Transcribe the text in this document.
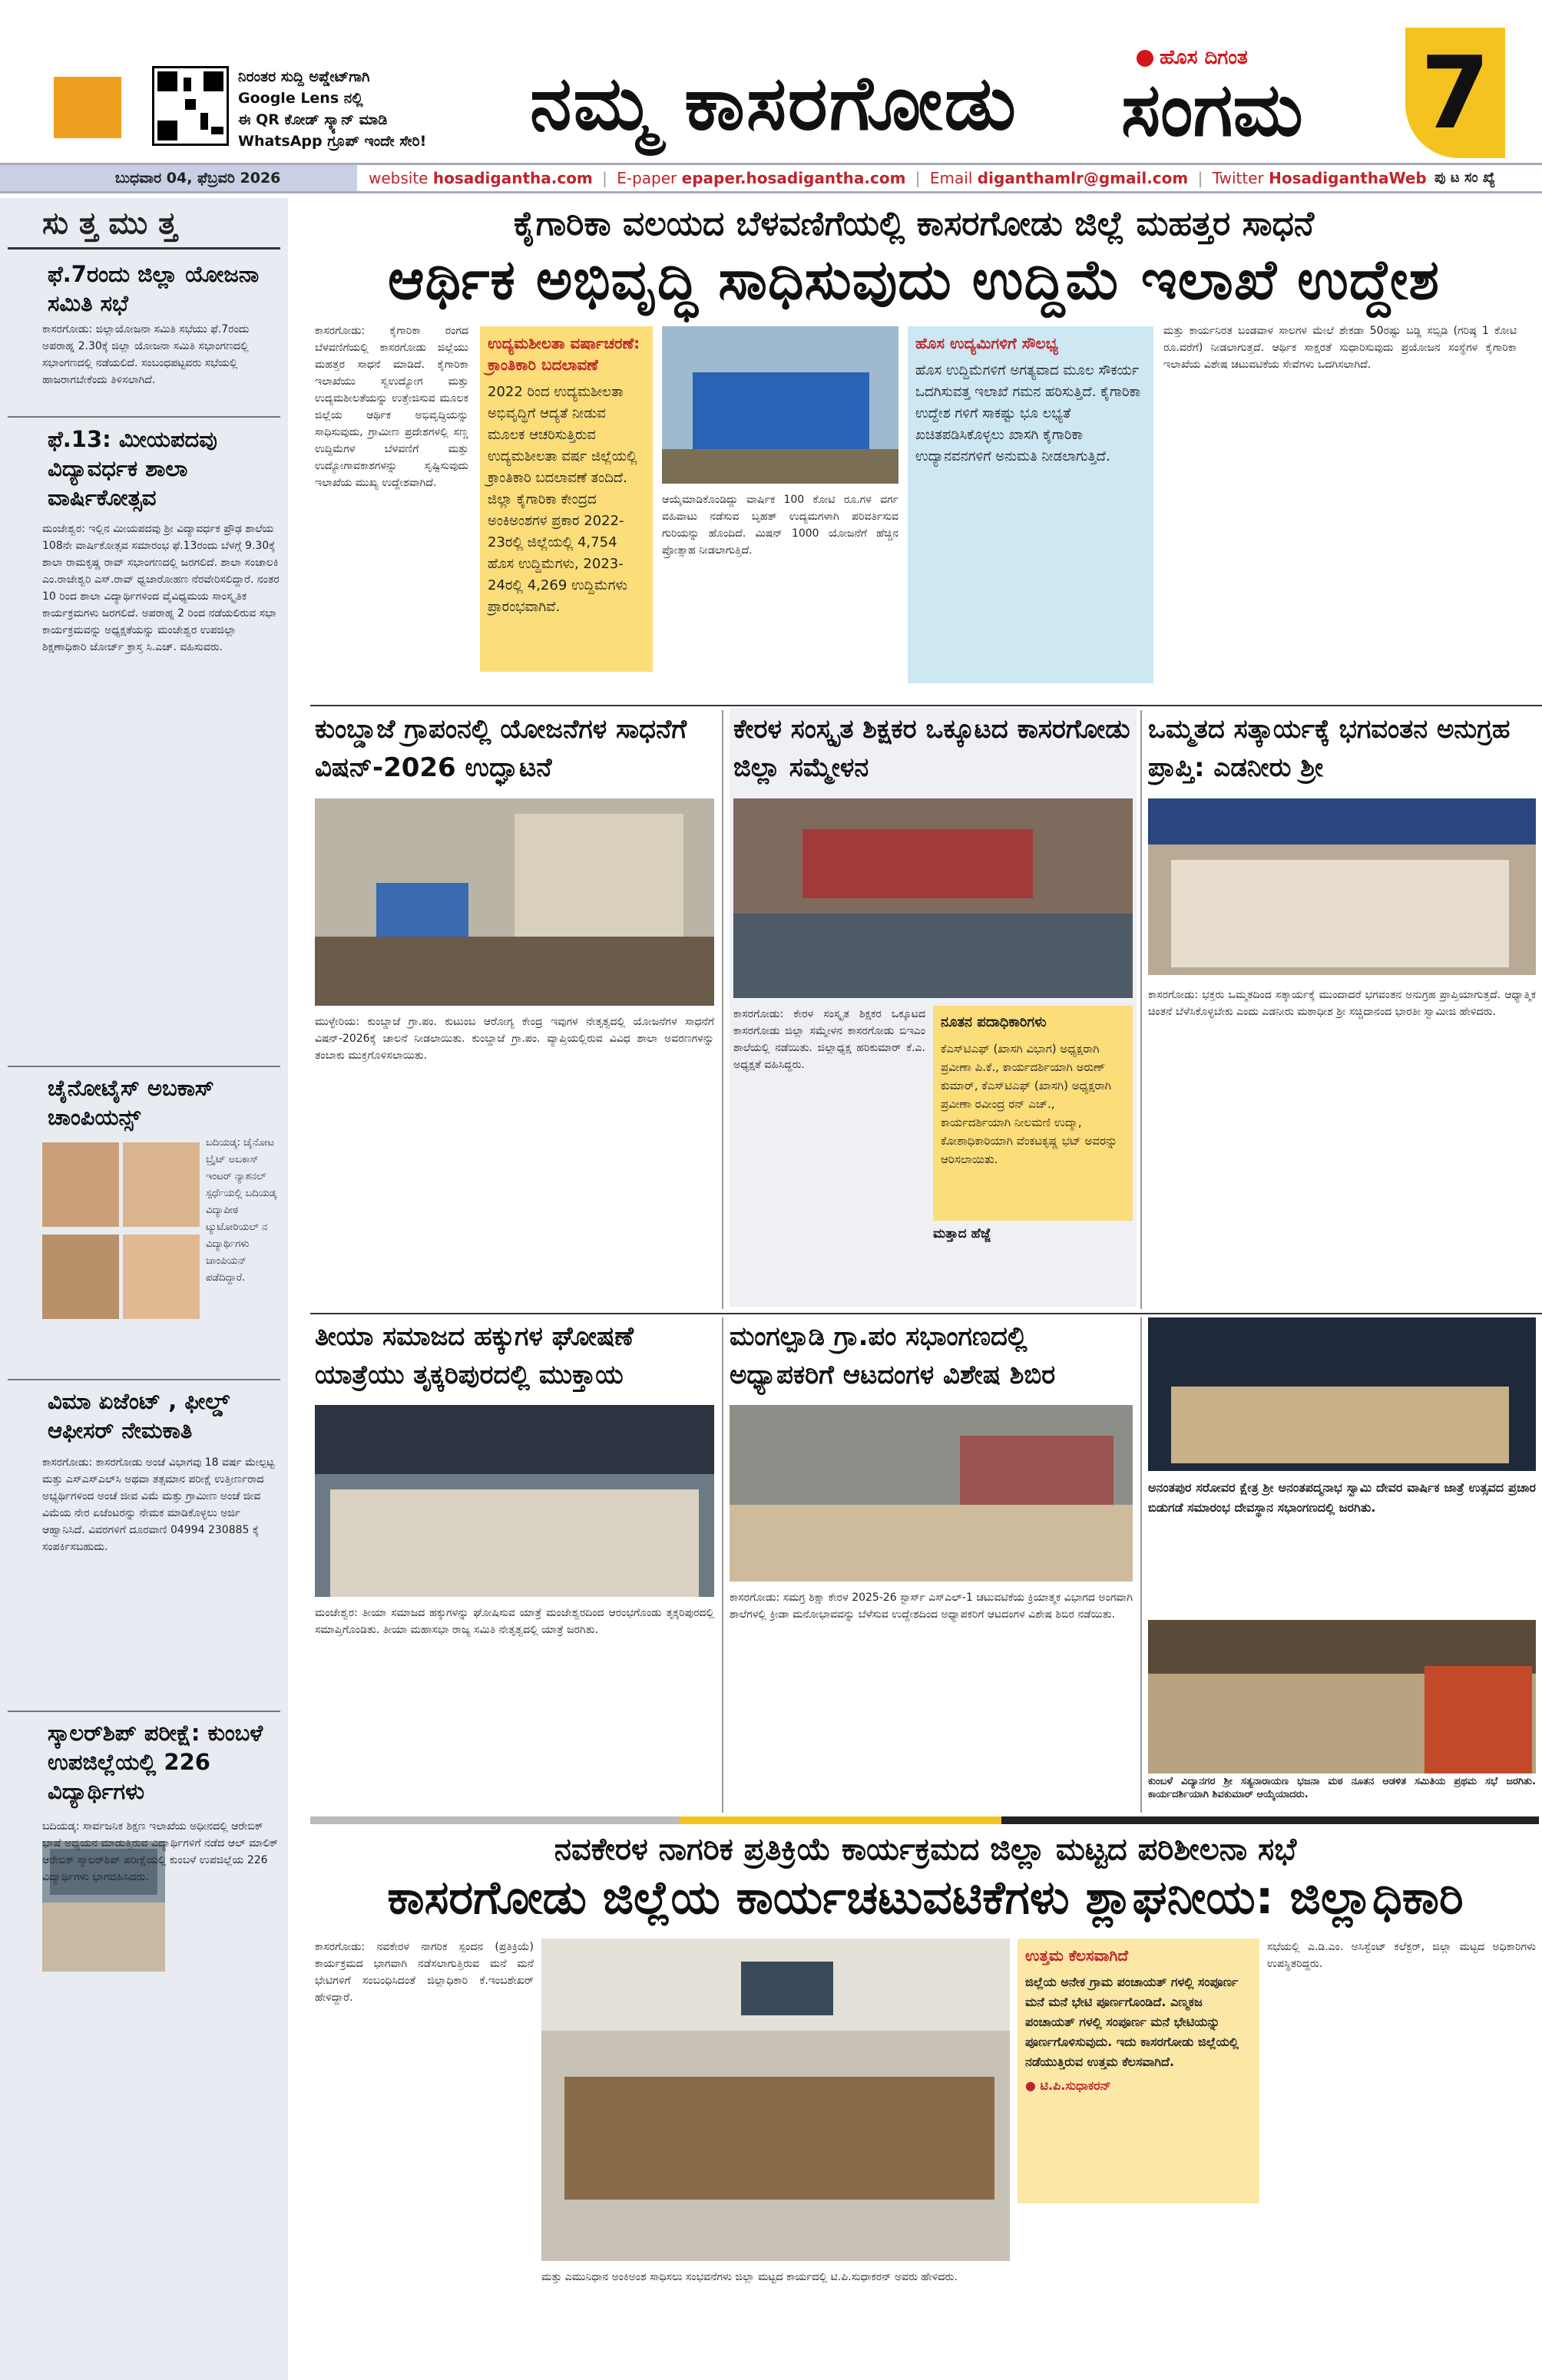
ನಿರಂತರ ಸುದ್ದಿ ಅಪ್ಡೇಟ್‌ಗಾಗಿ
Google Lens ನಲ್ಲಿ
ಈ QR ಕೋಡ್ ಸ್ಕ್ಯಾನ್ ಮಾಡಿ
WhatsApp ಗ್ರೂಪ್ ಇಂದೇ ಸೇರಿ!	ನಮ್ಮ ಕಾಸರಗೋಡು
ಹೊಸ ದಿಗಂತ
ಸಂಗಮ 7
ಬುಧವಾರ 04, ಫೆಬ್ರವರಿ 2026	website hosadigantha.com | E-paper epaper.hosadigantha.com | Email diganthamlr@gmail.com | Twitter HosadiganthaWeb ಪು ಟ ಸಂ ಖ್ಯೆ
ಸು ತ್ತ ಮು ತ್ತ
ಫೆ.7ರಂದು ಜಿಲ್ಲಾ ಯೋಜನಾ ಸಮಿತಿ ಸಭೆ
ಕಾಸರಗೋಡು: ಜಿಲ್ಲಾಯೋಜನಾ ಸಮಿತಿ ಸಭೆಯು ಫೆ.7ರಂದು ಅಪರಾಹ್ನ 2.30ಕ್ಕೆ ಜಿಲ್ಲಾ ಯೋಜನಾ ಸಮಿತಿ ಸಭಾಂಗಣದಲ್ಲಿ ಸಭಾಂಗಣದಲ್ಲಿ ನಡೆಯಲಿದೆ. ಸಂಬಂಧಪಟ್ಟವರು ಸಭೆಯಲ್ಲಿ ಹಾಜರಾಗಬೇಕೆಂದು ತಿಳಿಸಲಾಗಿದೆ.
ಫೆ.13: ಮೀಯಪದವು ವಿದ್ಯಾವರ್ಧಕ ಶಾಲಾ ವಾರ್ಷಿಕೋತ್ಸವ
ಮಂಜೇಶ್ವರ: ಇಲ್ಲಿನ ಮೀಯಪದವು ಶ್ರೀ ವಿದ್ಯಾವರ್ಧಕ ಪ್ರೌಢ ಶಾಲೆಯ 108ನೇ ವಾರ್ಷಿಕೋತ್ಸವ ಸಮಾರಂಭ ಫೆ.13ರಂದು ಬೆಳಗ್ಗೆ 9.30ಕ್ಕೆ ಶಾಲಾ ರಾಮಕೃಷ್ಣ ರಾವ್ ಸಭಾಂಗಣದಲ್ಲಿ ಜರಗಲಿದೆ. ಶಾಲಾ ಸಂಚಾಲಕಿ ಎಂ.ರಾಜೇಶ್ವರಿ ಎಸ್.ರಾವ್ ಧ್ವಜಾರೋಹಣ ನೆರವೇರಿಸಲಿದ್ದಾರೆ. ನಂತರ 10 ರಿಂದ ಶಾಲಾ ವಿದ್ಯಾರ್ಥಿಗಳಿಂದ ವೈವಿಧ್ಯಮಯ ಸಾಂಸ್ಕೃತಿಕ ಕಾರ್ಯಕ್ರಮಗಳು ಜರಗಲಿದೆ. ಅಪರಾಹ್ನ 2 ರಿಂದ ನಡೆಯಲಿರುವ ಸಭಾ ಕಾರ್ಯಕ್ರಮವನ್ನು ಅಧ್ಯಕ್ಷತೆಯನ್ನು ಮಂಜೇಶ್ವರ ಉಪಜಿಲ್ಲಾ ಶಿಕ್ಷಣಾಧಿಕಾರಿ ಜೋರ್ಜ್ ಕ್ರಾಸ್ತ ಸಿ.ಎಚ್. ವಹಿಸುವರು.
ಚೈನೋಟೈಸ್ ಅಬಕಾಸ್ ಚಾಂಪಿಯನ್ಸ್
ಬದಿಯಡ್ಕ: ಚೈನೋಟ ಬ್ರೈಟ್ ಅಬಕಾಸ್ ಇಂಟರ್ ನ್ಯಾಶನಲ್ ಸ್ಪರ್ಧೆಯಲ್ಲಿ ಬದಿಯಡ್ಕ ವಿದ್ಯಾಪೀಠ ಟ್ಯುಟೋರಿಯಲ್ ನ ವಿದ್ಯಾರ್ಥಿಗಳು ಚಾಂಪಿಯನ್ ಪಡೆದಿದ್ದಾರೆ.
ವಿಮಾ ಏಜೆಂಟ್ , ಫೀಲ್ಡ್ ಆಫೀಸರ್ ನೇಮಕಾತಿ
ಕಾಸರಗೋಡು: ಕಾಸರಗೋಡು ಅಂಚೆ ವಿಭಾಗವು 18 ವರ್ಷ ಮೇಲ್ಪಟ್ಟ ಮತ್ತು ಎಸ್ಎಸ್ಎಲ್‌ಸಿ ಅಥವಾ ತತ್ಸಮಾನ ಪರೀಕ್ಷೆ ಉತ್ತೀರ್ಣರಾದ ಅಭ್ಯರ್ಥಿಗಳಿಂದ ಅಂಚೆ ಜೀವ ವಿಮೆ ಮತ್ತು ಗ್ರಾಮೀಣ ಅಂಚೆ ಜೀವ ವಿಮೆಯ ನೇರ ಏಜೆಂಟರನ್ನು ನೇಮಕ ಮಾಡಿಕೊಳ್ಳಲು ಅರ್ಜಿ ಆಹ್ವಾನಿಸಿದೆ. ವಿವರಗಳಿಗೆ ದೂರವಾಣಿ 04994 230885 ಕ್ಕೆ ಸಂಪರ್ಕಿಸಬಹುದು.
ಸ್ಕಾಲರ್‌ಶಿಪ್ ಪರೀಕ್ಷೆ: ಕುಂಬಳೆ ಉಪಜಿಲ್ಲೆಯಲ್ಲಿ 226 ವಿದ್ಯಾರ್ಥಿಗಳು
ಬದಿಯಡ್ಕ: ಸಾರ್ವಜನಿಕ ಶಿಕ್ಷಣ ಇಲಾಖೆಯ ಅಧೀನದಲ್ಲಿ ಆರೇಬಿಕ್ ಭಾಷೆ ಅಧ್ಯಯನ ಮಾಡುತ್ತಿರುವ ವಿದ್ಯಾರ್ಥಿಗಳಿಗೆ ನಡೆದ ಆಲ್ ಮಾಲಿಕ್ ಆರೇಬಿಕ್ ಸ್ಕಾಲರ್‌ಶಿಪ್ ಪರೀಕ್ಷೆಯಲ್ಲಿ ಕುಂಬಳೆ ಉಪಜಿಲ್ಲೆಯ 226 ವಿದ್ಯಾರ್ಥಿಗಳು ಭಾಗವಹಿಸಿದರು.
ಕೈಗಾರಿಕಾ ವಲಯದ ಬೆಳವಣಿಗೆಯಲ್ಲಿ ಕಾಸರಗೋಡು ಜಿಲ್ಲೆ ಮಹತ್ತರ ಸಾಧನೆ
ಆರ್ಥಿಕ ಅಭಿವೃದ್ಧಿ ಸಾಧಿಸುವುದು ಉದ್ದಿಮೆ ಇಲಾಖೆ ಉದ್ದೇಶ
ಕಾಸರಗೋಡು: ಕೈಗಾರಿಕಾ ರಂಗದ ಬೆಳವಣಿಗೆಯಲ್ಲಿ ಕಾಸರಗೋಡು ಜಿಲ್ಲೆಯು ಮಹತ್ತರ ಸಾಧನೆ ಮಾಡಿದೆ. ಕೈಗಾರಿಕಾ ಇಲಾಖೆಯು ಸ್ವಉದ್ಯೋಗ ಮತ್ತು ಉದ್ಯಮಶೀಲತೆಯನ್ನು ಉತ್ತೇಜಿಸುವ ಮೂಲಕ ಜಿಲ್ಲೆಯ ಆರ್ಥಿಕ ಅಭಿವೃದ್ಧಿಯನ್ನು ಸಾಧಿಸುವುದು, ಗ್ರಾಮೀಣ ಪ್ರದೇಶಗಳಲ್ಲಿ ಸಣ್ಣ ಉದ್ದಿಮೆಗಳ ಬೆಳವಣಿಗೆ ಮತ್ತು ಉದ್ಯೋಗಾವಕಾಶಗಳನ್ನು ಸೃಷ್ಟಿಸುವುದು ಇಲಾಖೆಯ ಮುಖ್ಯ ಉದ್ದೇಶವಾಗಿದೆ.
ಉದ್ಯಮಶೀಲತಾ ವರ್ಷಾಚರಣೆ: ಕ್ರಾಂತಿಕಾರಿ ಬದಲಾವಣೆ
2022 ರಿಂದ ಉದ್ಯಮಶೀಲತಾ ಅಭಿವೃದ್ಧಿಗೆ ಆದ್ಯತೆ ನೀಡುವ ಮೂಲಕ ಆಚರಿಸುತ್ತಿರುವ ಉದ್ಯಮಶೀಲತಾ ವರ್ಷ ಜಿಲ್ಲೆಯಲ್ಲಿ ಕ್ರಾಂತಿಕಾರಿ ಬದಲಾವಣೆ ತಂದಿದೆ. ಜಿಲ್ಲಾ ಕೈಗಾರಿಕಾ ಕೇಂದ್ರದ ಅಂಕಿಅಂಶಗಳ ಪ್ರಕಾರ 2022-23ರಲ್ಲಿ ಜಿಲ್ಲೆಯಲ್ಲಿ 4,754 ಹೊಸ ಉದ್ದಿಮೆಗಳು, 2023-24ರಲ್ಲಿ 4,269 ಉದ್ದಿಮೆಗಳು ಪ್ರಾರಂಭವಾಗಿವೆ.
ಆಯ್ಕೆಮಾಡಿಕೊಂಡಿದ್ದು ವಾರ್ಷಿಕ 100 ಕೋಟಿ ರೂ.ಗಳ ವರ್ಗ ವಹಿವಾಟು ನಡೆಸುವ ಬೃಹತ್ ಉದ್ಯಮಗಳಾಗಿ ಪರಿವರ್ತಿಸುವ ಗುರಿಯನ್ನು ಹೊಂದಿದೆ. ಮಿಷನ್ 1000 ಯೋಜನೆಗೆ ಹೆಚ್ಚಿನ ಪ್ರೋತ್ಸಾಹ ನೀಡಲಾಗುತ್ತಿದೆ.
ಹೊಸ ಉದ್ಯಮಿಗಳಿಗೆ ಸೌಲಭ್ಯ
ಹೊಸ ಉದ್ದಿಮೆಗಳಿಗೆ ಅಗತ್ಯವಾದ ಮೂಲ ಸೌಕರ್ಯ ಒದಗಿಸುವತ್ತ ಇಲಾಖೆ ಗಮನ ಹರಿಸುತ್ತಿದೆ. ಕೈಗಾರಿಕಾ ಉದ್ದೇಶ ಗಳಿಗೆ ಸಾಕಷ್ಟು ಭೂ ಲಭ್ಯತೆ ಖಚಿತಪಡಿಸಿಕೊಳ್ಳಲು ಖಾಸಗಿ ಕೈಗಾರಿಕಾ ಉದ್ಯಾನವನಗಳಿಗೆ ಅನುಮತಿ ನೀಡಲಾಗುತ್ತಿದೆ.
ಮತ್ತು ಕಾರ್ಯನಿರತ ಬಂಡವಾಳ ಸಾಲಗಳ ಮೇಲೆ ಶೇಕಡಾ 50ರಷ್ಟು ಬಡ್ಡಿ ಸಬ್ಸಿಡಿ (ಗರಿಷ್ಠ 1 ಕೋಟಿ ರೂ.ವರೆಗೆ) ನೀಡಲಾಗುತ್ತದೆ. ಆರ್ಥಿಕ ಸಾಕ್ಷರತೆ ಸುಧಾರಿಸುವುದು ಪ್ರಯೋಜನ ಸಂಸ್ಥೆಗಳ ಕೈಗಾರಿಕಾ ಇಲಾಖೆಯ ವಿಶೇಷ ಚಟುವಟಿಕೆಯ ಸೇವೆಗಳು ಒದಗಿಸಲಾಗಿದೆ.
ಕುಂಬ್ಡಾಜೆ ಗ್ರಾಪಂನಲ್ಲಿ ಯೋಜನೆಗಳ ಸಾಧನೆಗೆ ವಿಷನ್-2026 ಉದ್ಘಾಟನೆ
ಮುಳ್ಳೇರಿಯ: ಕುಂಬ್ಡಾಜೆ ಗ್ರಾ.ಪಂ. ಕುಟುಂಬ ಆರೋಗ್ಯ ಕೇಂದ್ರ ಇವುಗಳ ನೇತೃತ್ವದಲ್ಲಿ ಯೋಜನೆಗಳ ಸಾಧನೆಗೆ ವಿಷನ್-2026ಕ್ಕೆ ಚಾಲನೆ ನೀಡಲಾಯಿತು. ಕುಂಬ್ಡಾಜೆ ಗ್ರಾ.ಪಂ. ವ್ಯಾಪ್ತಿಯಲ್ಲಿರುವ ವಿವಿಧ ಶಾಲಾ ಅವರಣಗಳನ್ನು ತಂಬಾಕು ಮುಕ್ತಗೊಳಿಸಲಾಯಿತು.
ಕೇರಳ ಸಂಸ್ಕೃತ ಶಿಕ್ಷಕರ ಒಕ್ಕೂಟದ ಕಾಸರಗೋಡು ಜಿಲ್ಲಾ ಸಮ್ಮೇಳನ
ಕಾಸರಗೋಡು: ಕೇರಳ ಸಂಸ್ಕೃತ ಶಿಕ್ಷಕರ ಒಕ್ಕೂಟದ ಕಾಸರಗೋಡು ಜಿಲ್ಲಾ ಸಮ್ಮೇಳನ ಕಾಸರಗೋಡು ಬಿಇಎಂ ಶಾಲೆಯಲ್ಲಿ ನಡೆಯಿತು. ಜಿಲ್ಲಾಧ್ಯಕ್ಷ ಹರಿಕುಮಾರ್ ಕೆ.ಎ. ಅಧ್ಯಕ್ಷತೆ ವಹಿಸಿದ್ದರು.
ನೂತನ ಪದಾಧಿಕಾರಿಗಳು
ಕೆಎಸ್‌ಟಿಎಫ್ (ಖಾಸಗಿ ವಿಭಾಗ) ಅಧ್ಯಕ್ಷರಾಗಿ ಪ್ರವೀಣಾ ಪಿ.ಕೆ., ಕಾರ್ಯದರ್ಶಿಯಾಗಿ ಅರುಣ್ ಕುಮಾರ್, ಕೆಎಸ್‌ಟಿಎಫ್ (ಖಾಸಗಿ) ಅಧ್ಯಕ್ಷರಾಗಿ ಪ್ರವೀಣಾ ರವೀಂದ್ರ ರನ್ ಎಚ್., ಕಾರ್ಯದರ್ಶಿಯಾಗಿ ನೀಲಮಣಿ ಉದ್ಮಾ, ಕೋಶಾಧಿಕಾರಿಯಾಗಿ ವೆಂಕಟಕೃಷ್ಣ ಭಟ್ ಅವರನ್ನು ಆರಿಸಲಾಯಿತು.
ಮತ್ತಾದ ಹೆಜ್ಜೆ
ಒಮ್ಮತದ ಸತ್ಕಾರ್ಯಕ್ಕೆ ಭಗವಂತನ ಅನುಗ್ರಹ ಪ್ರಾಪ್ತಿ: ಎಡನೀರು ಶ್ರೀ
ಕಾಸರಗೋಡು: ಭಕ್ತರು ಒಮ್ಮತದಿಂದ ಸತ್ಕಾರ್ಯಕ್ಕೆ ಮುಂದಾದರೆ ಭಗವಂತನ ಅನುಗ್ರಹ ಪ್ರಾಪ್ತಿಯಾಗುತ್ತದೆ. ಆಧ್ಯಾತ್ಮಿಕ ಚಿಂತನೆ ಬೆಳೆಸಿಕೊಳ್ಳಬೇಕು ಎಂದು ಎಡನೀರು ಮಠಾಧೀಶ ಶ್ರೀ ಸಚ್ಚಿದಾನಂದ ಭಾರತೀ ಸ್ವಾಮೀಜಿ ಹೇಳಿದರು.
ತೀಯಾ ಸಮಾಜದ ಹಕ್ಕುಗಳ ಘೋಷಣೆ ಯಾತ್ರೆಯು ತೃಕ್ಕರಿಪುರದಲ್ಲಿ ಮುಕ್ತಾಯ
ಮಂಜೇಶ್ವರ: ತೀಯಾ ಸಮಾಜದ ಹಕ್ಕುಗಳನ್ನು ಘೋಷಿಸುವ ಯಾತ್ರೆ ಮಂಜೇಶ್ವರದಿಂದ ಆರಂಭಗೊಂಡು ತೃಕ್ಕರಿಪುರದಲ್ಲಿ ಸಮಾಪ್ತಿಗೊಂಡಿತು. ತೀಯಾ ಮಹಾಸಭಾ ರಾಜ್ಯ ಸಮಿತಿ ನೇತೃತ್ವದಲ್ಲಿ ಯಾತ್ರೆ ಜರಗಿತು.
ಮಂಗಲ್ಪಾಡಿ ಗ್ರಾ.ಪಂ ಸಭಾಂಗಣದಲ್ಲಿ ಅಧ್ಯಾಪಕರಿಗೆ ಆಟದಂಗಳ ವಿಶೇಷ ಶಿಬಿರ
ಕಾಸರಗೋಡು: ಸಮಗ್ರ ಶಿಕ್ಷಾ ಕೇರಳ 2025-26 ಸ್ಟಾರ್ಸ್ ಎಸ್‌ಎಲ್-1 ಚಟುವಟಿಕೆಯ ಕ್ರಿಯಾತ್ಮಕ ವಿಭಾಗದ ಅಂಗವಾಗಿ ಶಾಲೆಗಳಲ್ಲಿ ಕ್ರೀಡಾ ಮನೋಭಾವವನ್ನು ಬೆಳೆಸುವ ಉದ್ದೇಶದಿಂದ ಅಧ್ಯಾಪಕರಿಗೆ ಆಟದಂಗಳ ವಿಶೇಷ ಶಿಬಿರ ನಡೆಯಿತು.
ಅನಂತಪುರ ಸರೋವರ ಕ್ಷೇತ್ರ ಶ್ರೀ ಅನಂತಪದ್ಮನಾಭ ಸ್ವಾಮಿ ದೇವರ ವಾರ್ಷಿಕ ಜಾತ್ರೆ ಉತ್ಸವದ ಪ್ರಚಾರ ಬಿಡುಗಡೆ ಸಮಾರಂಭ ದೇವಸ್ಥಾನ ಸಭಾಂಗಣದಲ್ಲಿ ಜರಗಿತು.
ಕುಂಬಳೆ ವಿದ್ಯಾನಗರ ಶ್ರೀ ಸತ್ಯನಾರಾಯಣ ಭಜನಾ ಮಠ ನೂತನ ಆಡಳಿತ ಸಮಿತಿಯ ಪ್ರಥಮ ಸಭೆ ಜರಗಿತು. ಕಾರ್ಯದರ್ಶಿಯಾಗಿ ಶಿವಕುಮಾರ್ ಆಯ್ಕೆಯಾದರು.
ನವಕೇರಳ ನಾಗರಿಕ ಪ್ರತಿಕ್ರಿಯೆ ಕಾರ್ಯಕ್ರಮದ ಜಿಲ್ಲಾ ಮಟ್ಟದ ಪರಿಶೀಲನಾ ಸಭೆ
ಕಾಸರಗೋಡು ಜಿಲ್ಲೆಯ ಕಾರ್ಯಚಟುವಟಿಕೆಗಳು ಶ್ಲಾಘನೀಯ: ಜಿಲ್ಲಾಧಿಕಾರಿ
ಕಾಸರಗೋಡು: ನವಕೇರಳ ನಾಗರಿಕ ಸ್ಪಂದನ (ಪ್ರತಿಕ್ರಿಯೆ) ಕಾರ್ಯಕ್ರಮದ ಭಾಗವಾಗಿ ನಡೆಸಲಾಗುತ್ತಿರುವ ಮನೆ ಮನೆ ಭೇಟಿಗಳಿಗೆ ಸಂಬಂಧಿಸಿದಂತೆ ಜಿಲ್ಲಾಧಿಕಾರಿ ಕೆ.ಇಂಬಶೇಖರ್ ಹೇಳಿದ್ದಾರೆ.
ಮತ್ತು ಎಮುನಿಧಾನ ಅಂಕಿಅಂಶ ಸಾಧಿಸಲು ಸಂಭವನೆಗಳು ಜಿಲ್ಲಾ ಮಟ್ಟದ ಕಾರ್ಯದಲ್ಲಿ ಟಿ.ಪಿ.ಸುಧಾಕರನ್ ಅವರು ಹೇಳಿದರು.
ಉತ್ತಮ ಕೆಲಸವಾಗಿದೆ
ಜಿಲ್ಲೆಯ ಅನೇಕ ಗ್ರಾಮ ಪಂಚಾಯತ್ ಗಳಲ್ಲಿ ಸಂಪೂರ್ಣ ಮನೆ ಮನೆ ಭೇಟಿ ಪೂರ್ಣಗೊಂಡಿದೆ. ಎಣ್ಮಕಜ ಪಂಚಾಯತ್ ಗಳಲ್ಲಿ ಸಂಪೂರ್ಣ ಮನೆ ಭೇಟಿಯನ್ನು ಪೂರ್ಣಗೊಳಿಸುವುದು. ಇದು ಕಾಸರಗೋಡು ಜಿಲ್ಲೆಯಲ್ಲಿ ನಡೆಯುತ್ತಿರುವ ಉತ್ತಮ ಕೆಲಸವಾಗಿದೆ.
● ಟಿ.ಪಿ.ಸುಧಾಕರನ್
ಸಭೆಯಲ್ಲಿ ಎ.ಡಿ.ಎಂ. ಅಸಿಸ್ಟೆಂಟ್ ಕಲೆಕ್ಟರ್, ಜಿಲ್ಲಾ ಮಟ್ಟದ ಅಧಿಕಾರಿಗಳು ಉಪಸ್ಥಿತರಿದ್ದರು.
